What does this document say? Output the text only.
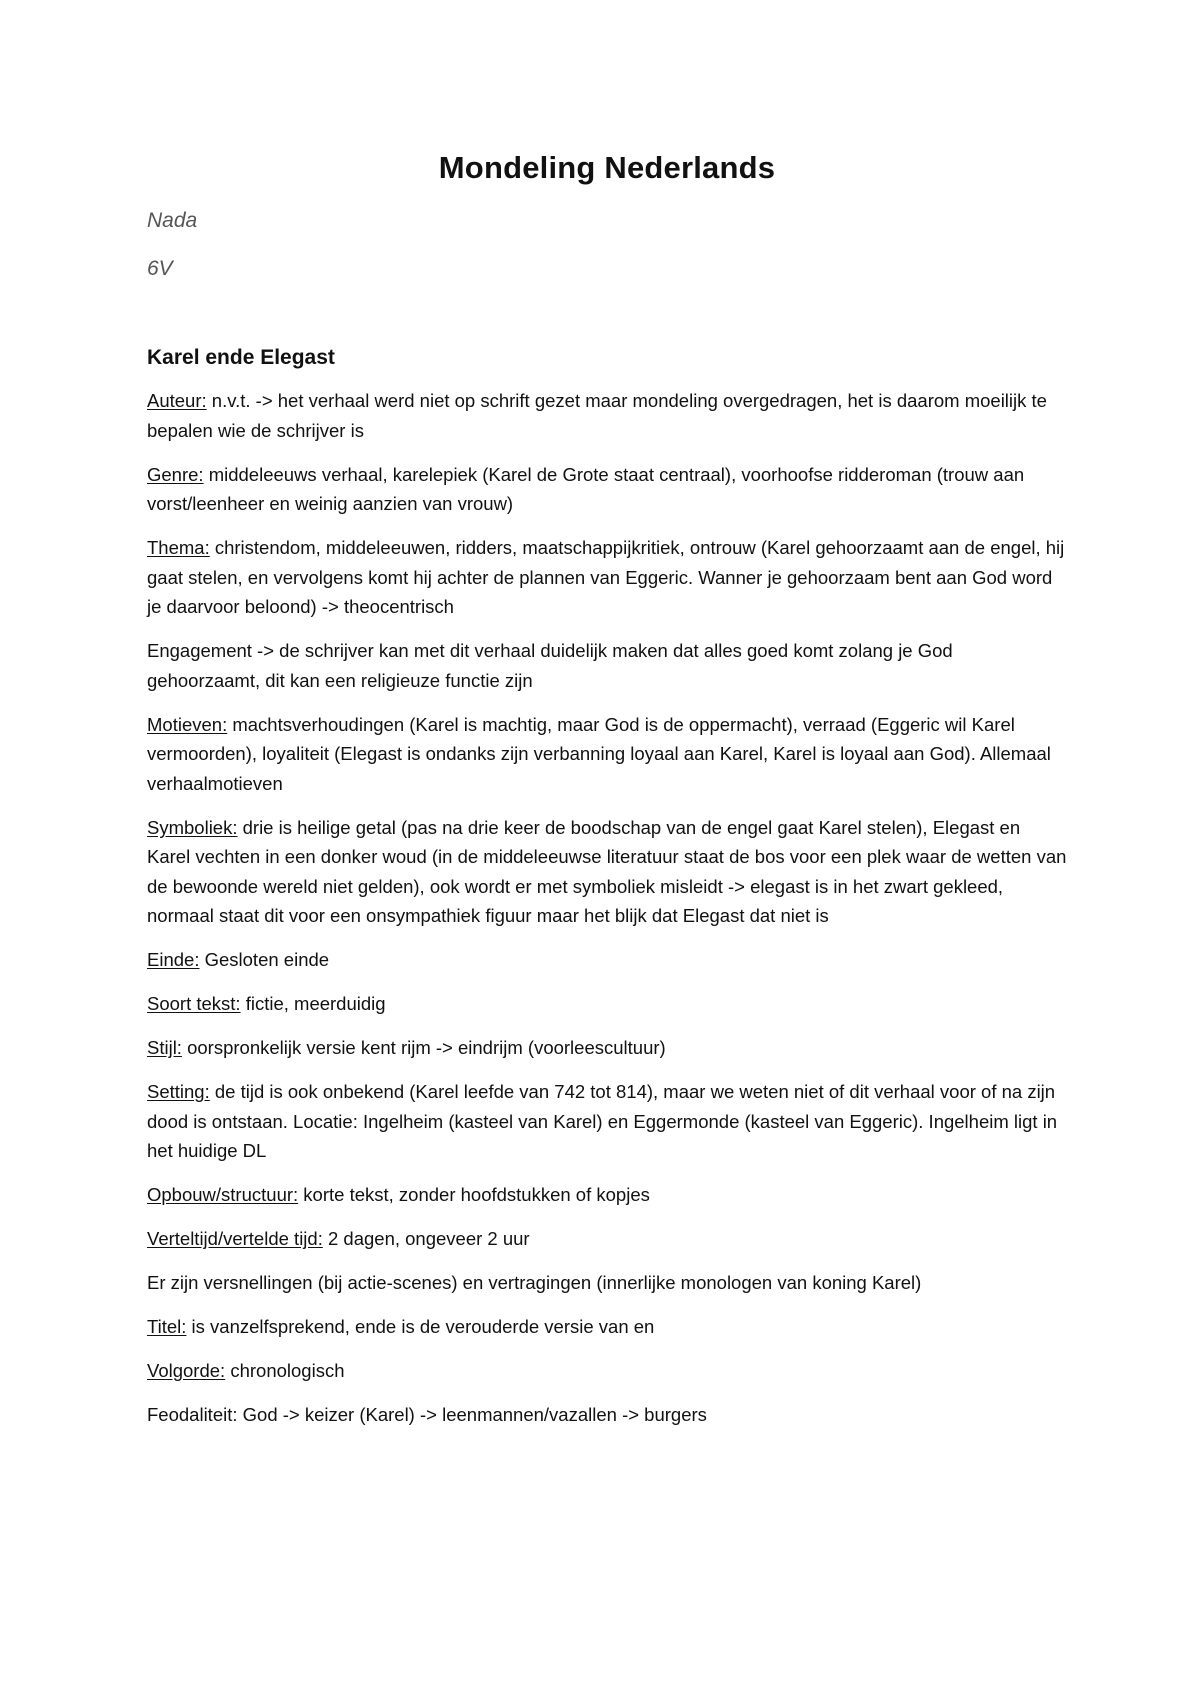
Mondeling Nederlands
Nada
6V
Karel ende Elegast

Auteur: n.v.t. -> het verhaal werd niet op schrift gezet maar mondeling overgedragen, het is daarom moeilijk te bepalen wie de schrijver is

Genre: middeleeuws verhaal, karelepiek (Karel de Grote staat centraal), voorhoofse ridderoman (trouw aan vorst/leenheer en weinig aanzien van vrouw)

Thema: christendom, middeleeuwen, ridders, maatschappijkritiek, ontrouw (Karel gehoorzaamt aan de engel, hij gaat stelen, en vervolgens komt hij achter de plannen van Eggeric. Wanner je gehoorzaam bent aan God word je daarvoor beloond) -> theocentrisch

Engagement -> de schrijver kan met dit verhaal duidelijk maken dat alles goed komt zolang je God gehoorzaamt, dit kan een religieuze functie zijn

Motieven: machtsverhoudingen (Karel is machtig, maar God is de oppermacht), verraad (Eggeric wil Karel vermoorden), loyaliteit (Elegast is ondanks zijn verbanning loyaal aan Karel, Karel is loyaal aan God). Allemaal verhaalmotieven

Symboliek: drie is heilige getal (pas na drie keer de boodschap van de engel gaat Karel stelen), Elegast en Karel vechten in een donker woud (in de middeleeuwse literatuur staat de bos voor een plek waar de wetten van de bewoonde wereld niet gelden), ook wordt er met symboliek misleidt -> elegast is in het zwart gekleed, normaal staat dit voor een onsympathiek figuur maar het blijk dat Elegast dat niet is

Einde: Gesloten einde

Soort tekst: fictie, meerduidig

Stijl: oorspronkelijk versie kent rijm -> eindrijm (voorleescultuur)

Setting: de tijd is ook onbekend (Karel leefde van 742 tot 814), maar we weten niet of dit verhaal voor of na zijn dood is ontstaan. Locatie: Ingelheim (kasteel van Karel) en Eggermonde (kasteel van Eggeric). Ingelheim ligt in het huidige DL

Opbouw/structuur: korte tekst, zonder hoofdstukken of kopjes

Verteltijd/vertelde tijd: 2 dagen, ongeveer 2 uur

Er zijn versnellingen (bij actie-scenes) en vertragingen (innerlijke monologen van koning Karel)

Titel: is vanzelfsprekend, ende is de verouderde versie van en

Volgorde: chronologisch

Feodaliteit: God -> keizer (Karel) -> leenmannen/vazallen -> burgers
